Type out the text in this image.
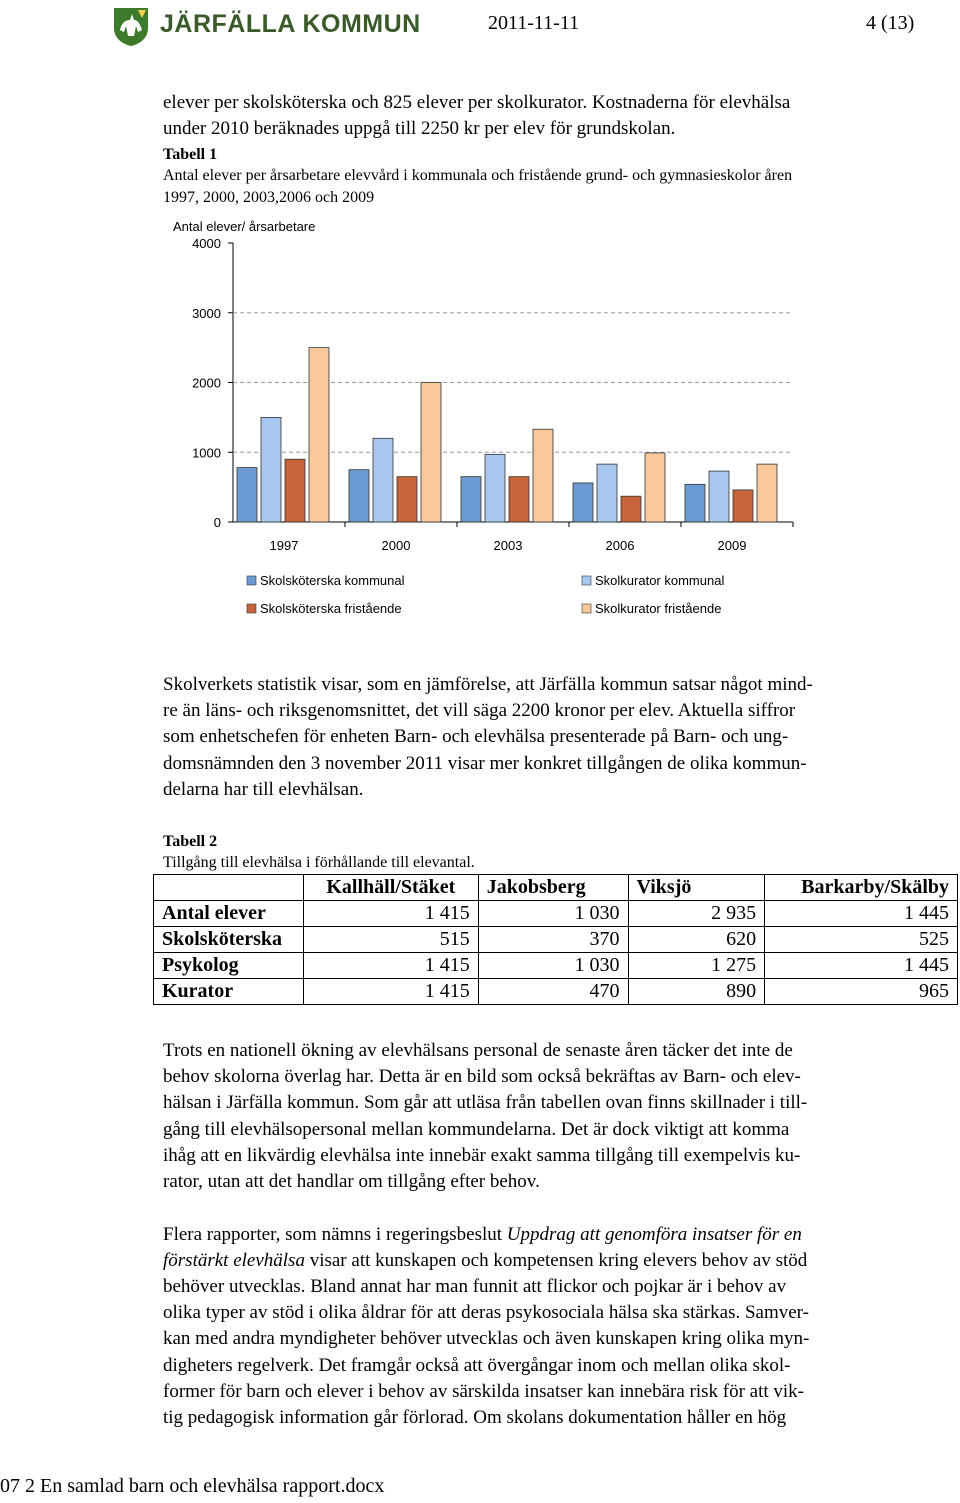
JÄRFÄLLA KOMMUN	2011-11-11	4 (13)
elever per skolsköterska och 825 elever per skolkurator. Kostnaderna för elevhälsa
under 2010 beräknades uppgå till 2250 kr per elev för grundskolan.
Tabell 1
Antal elever per årsarbetare elevvård i kommunala och fristående grund- och gymnasieskolor åren
1997, 2000, 2003,2006 och 2009
Antal elever/ årsarbetare
0
1000
2000
3000
4000
1997	2000	2003	2006	2009
Skolsköterska kommunal	Skolkurator kommunal
Skolsköterska fristående	Skolkurator fristående
Skolverkets statistik visar, som en jämförelse, att Järfälla kommun satsar något mind-
re än läns- och riksgenomsnittet, det vill säga 2200 kronor per elev. Aktuella siffror
som enhetschefen för enheten Barn- och elevhälsa presenterade på Barn- och ung-
domsnämnden den 3 november 2011 visar mer konkret tillgången de olika kommun-
delarna har till elevhälsan.
Tabell 2
Tillgång till elevhälsa i förhållande till elevantal.
	Kallhäll/Stäket	Jakobsberg	Viksjö	Barkarby/Skälby
Antal elever	1 415	1 030	2 935	1 445
Skolsköterska	515	370	620	525
Psykolog	1 415	1 030	1 275	1 445
Kurator	1 415	470	890	965
Trots en nationell ökning av elevhälsans personal de senaste åren täcker det inte de
behov skolorna överlag har. Detta är en bild som också bekräftas av Barn- och elev-
hälsan i Järfälla kommun. Som går att utläsa från tabellen ovan finns skillnader i till-
gång till elevhälsopersonal mellan kommundelarna. Det är dock viktigt att komma
ihåg att en likvärdig elevhälsa inte innebär exakt samma tillgång till exempelvis ku-
rator, utan att det handlar om tillgång efter behov.
Flera rapporter, som nämns i regeringsbeslut Uppdrag att genomföra insatser för en
förstärkt elevhälsa visar att kunskapen och kompetensen kring elevers behov av stöd
behöver utvecklas. Bland annat har man funnit att flickor och pojkar är i behov av
olika typer av stöd i olika åldrar för att deras psykosociala hälsa ska stärkas. Samver-
kan med andra myndigheter behöver utvecklas och även kunskapen kring olika myn-
digheters regelverk. Det framgår också att övergångar inom och mellan olika skol-
former för barn och elever i behov av särskilda insatser kan innebära risk för att vik-
tig pedagogisk information går förlorad. Om skolans dokumentation håller en hög
07 2 En samlad barn och elevhälsa rapport.docx
